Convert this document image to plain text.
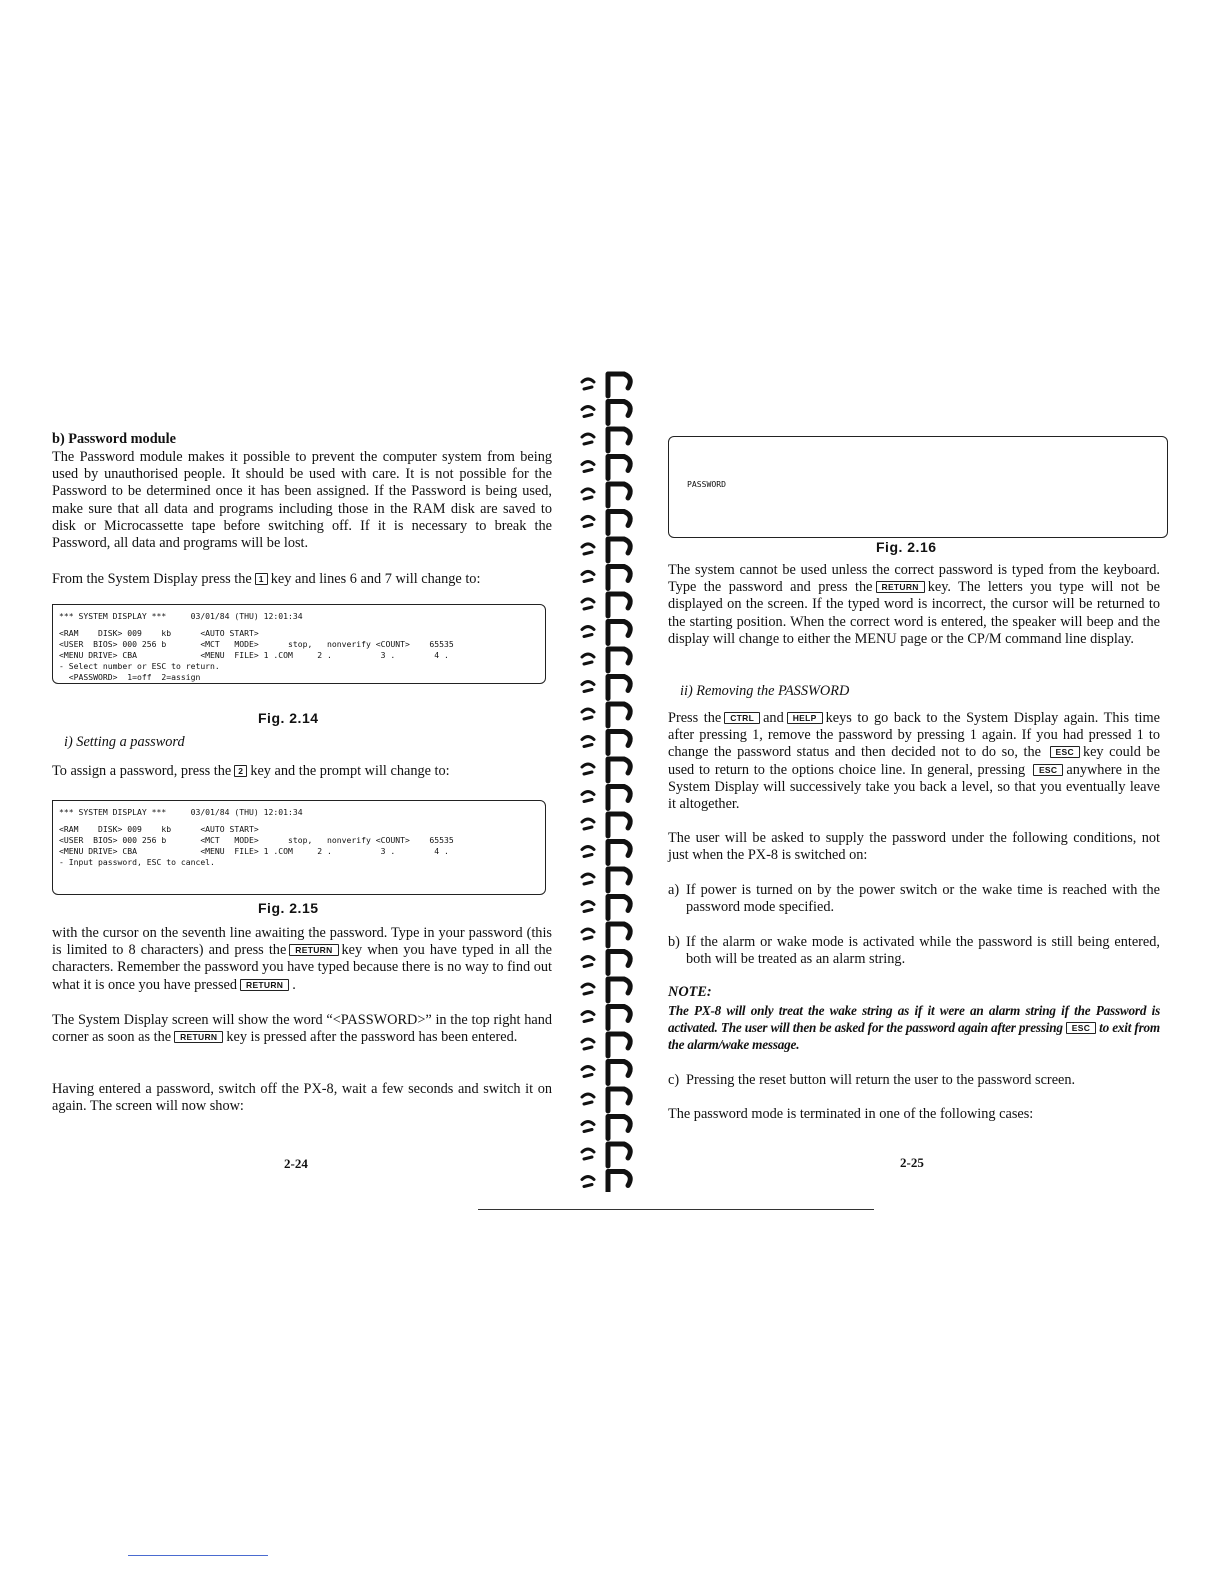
b) Password module

The Password module makes it possible to prevent the computer system from being used by unauthorised people. It should be used with care. It is not possible for the Password to be determined once it has been assigned. If the Password is being used, make sure that all data and programs including those in the RAM disk are saved to disk or Microcassette tape before switching off. If it is necessary to break the Password, all data and programs will be lost.

From the System Display press the 1 key and lines 6 and 7 will change to:

*** SYSTEM DISPLAY ***     03/01/84 (THU) 12:01:34
<RAM    DISK> 009    kb      <AUTO START>
<USER  BIOS> 000 256 b       <MCT   MODE>      stop,   nonverify <COUNT>    65535
<MENU DRIVE> CBA             <MENU  FILE> 1 .COM     2 .          3 .        4 .
- Select number or ESC to return.
<PASSWORD>  1=off  2=assign
Fig. 2.14
i) Setting a password

To assign a password, press the 2 key and the prompt will change to:

*** SYSTEM DISPLAY ***     03/01/84 (THU) 12:01:34
<RAM    DISK> 009    kb      <AUTO START>
<USER  BIOS> 000 256 b       <MCT   MODE>      stop,   nonverify <COUNT>    65535
<MENU DRIVE> CBA             <MENU  FILE> 1 .COM     2 .          3 .        4 .
- Input password, ESC to cancel.
Fig. 2.15

with the cursor on the seventh line awaiting the password. Type in your password (this is limited to 8 characters) and press the RETURN key when you have typed in all the characters. Remember the password you have typed because there is no way to find out what it is once you have pressed RETURN .

The System Display screen will show the word “<PASSWORD>” in the top right hand corner as soon as the RETURN key is pressed after the password has been entered.

Having entered a password, switch off the PX-8, wait a few seconds and switch it on again. The screen will now show:

2-24

PASSWORD

Fig. 2.16

The system cannot be used unless the correct password is typed from the keyboard. Type the password and press the RETURN key. The letters you type will not be displayed on the screen. If the typed word is incorrect, the cursor will be returned to the starting position. When the correct word is entered, the speaker will beep and the display will change to either the MENU page or the CP/M command line display.

ii) Removing the PASSWORD

Press the CTRL and HELP keys to go back to the System Display again. This time after pressing 1, remove the password by pressing 1 again. If you had pressed 1 to change the password status and then decided not to do so, the ESC key could be used to return to the options choice line. In general, pressing ESC anywhere in the System Display will successively take you back a level, so that you eventually leave it altogether.

The user will be asked to supply the password under the following conditions, not just when the PX-8 is switched on:

a) If power is turned on by the power switch or the wake time is reached with the password mode specified.

b) If the alarm or wake mode is activated while the password is still being entered, both will be treated as an alarm string.

NOTE:

The PX-8 will only treat the wake string as if it were an alarm string if the Password is activated. The user will then be asked for the password again after pressing ESC to exit from the alarm/wake message.

c) Pressing the reset button will return the user to the password screen.

The password mode is terminated in one of the following cases:

2-25
